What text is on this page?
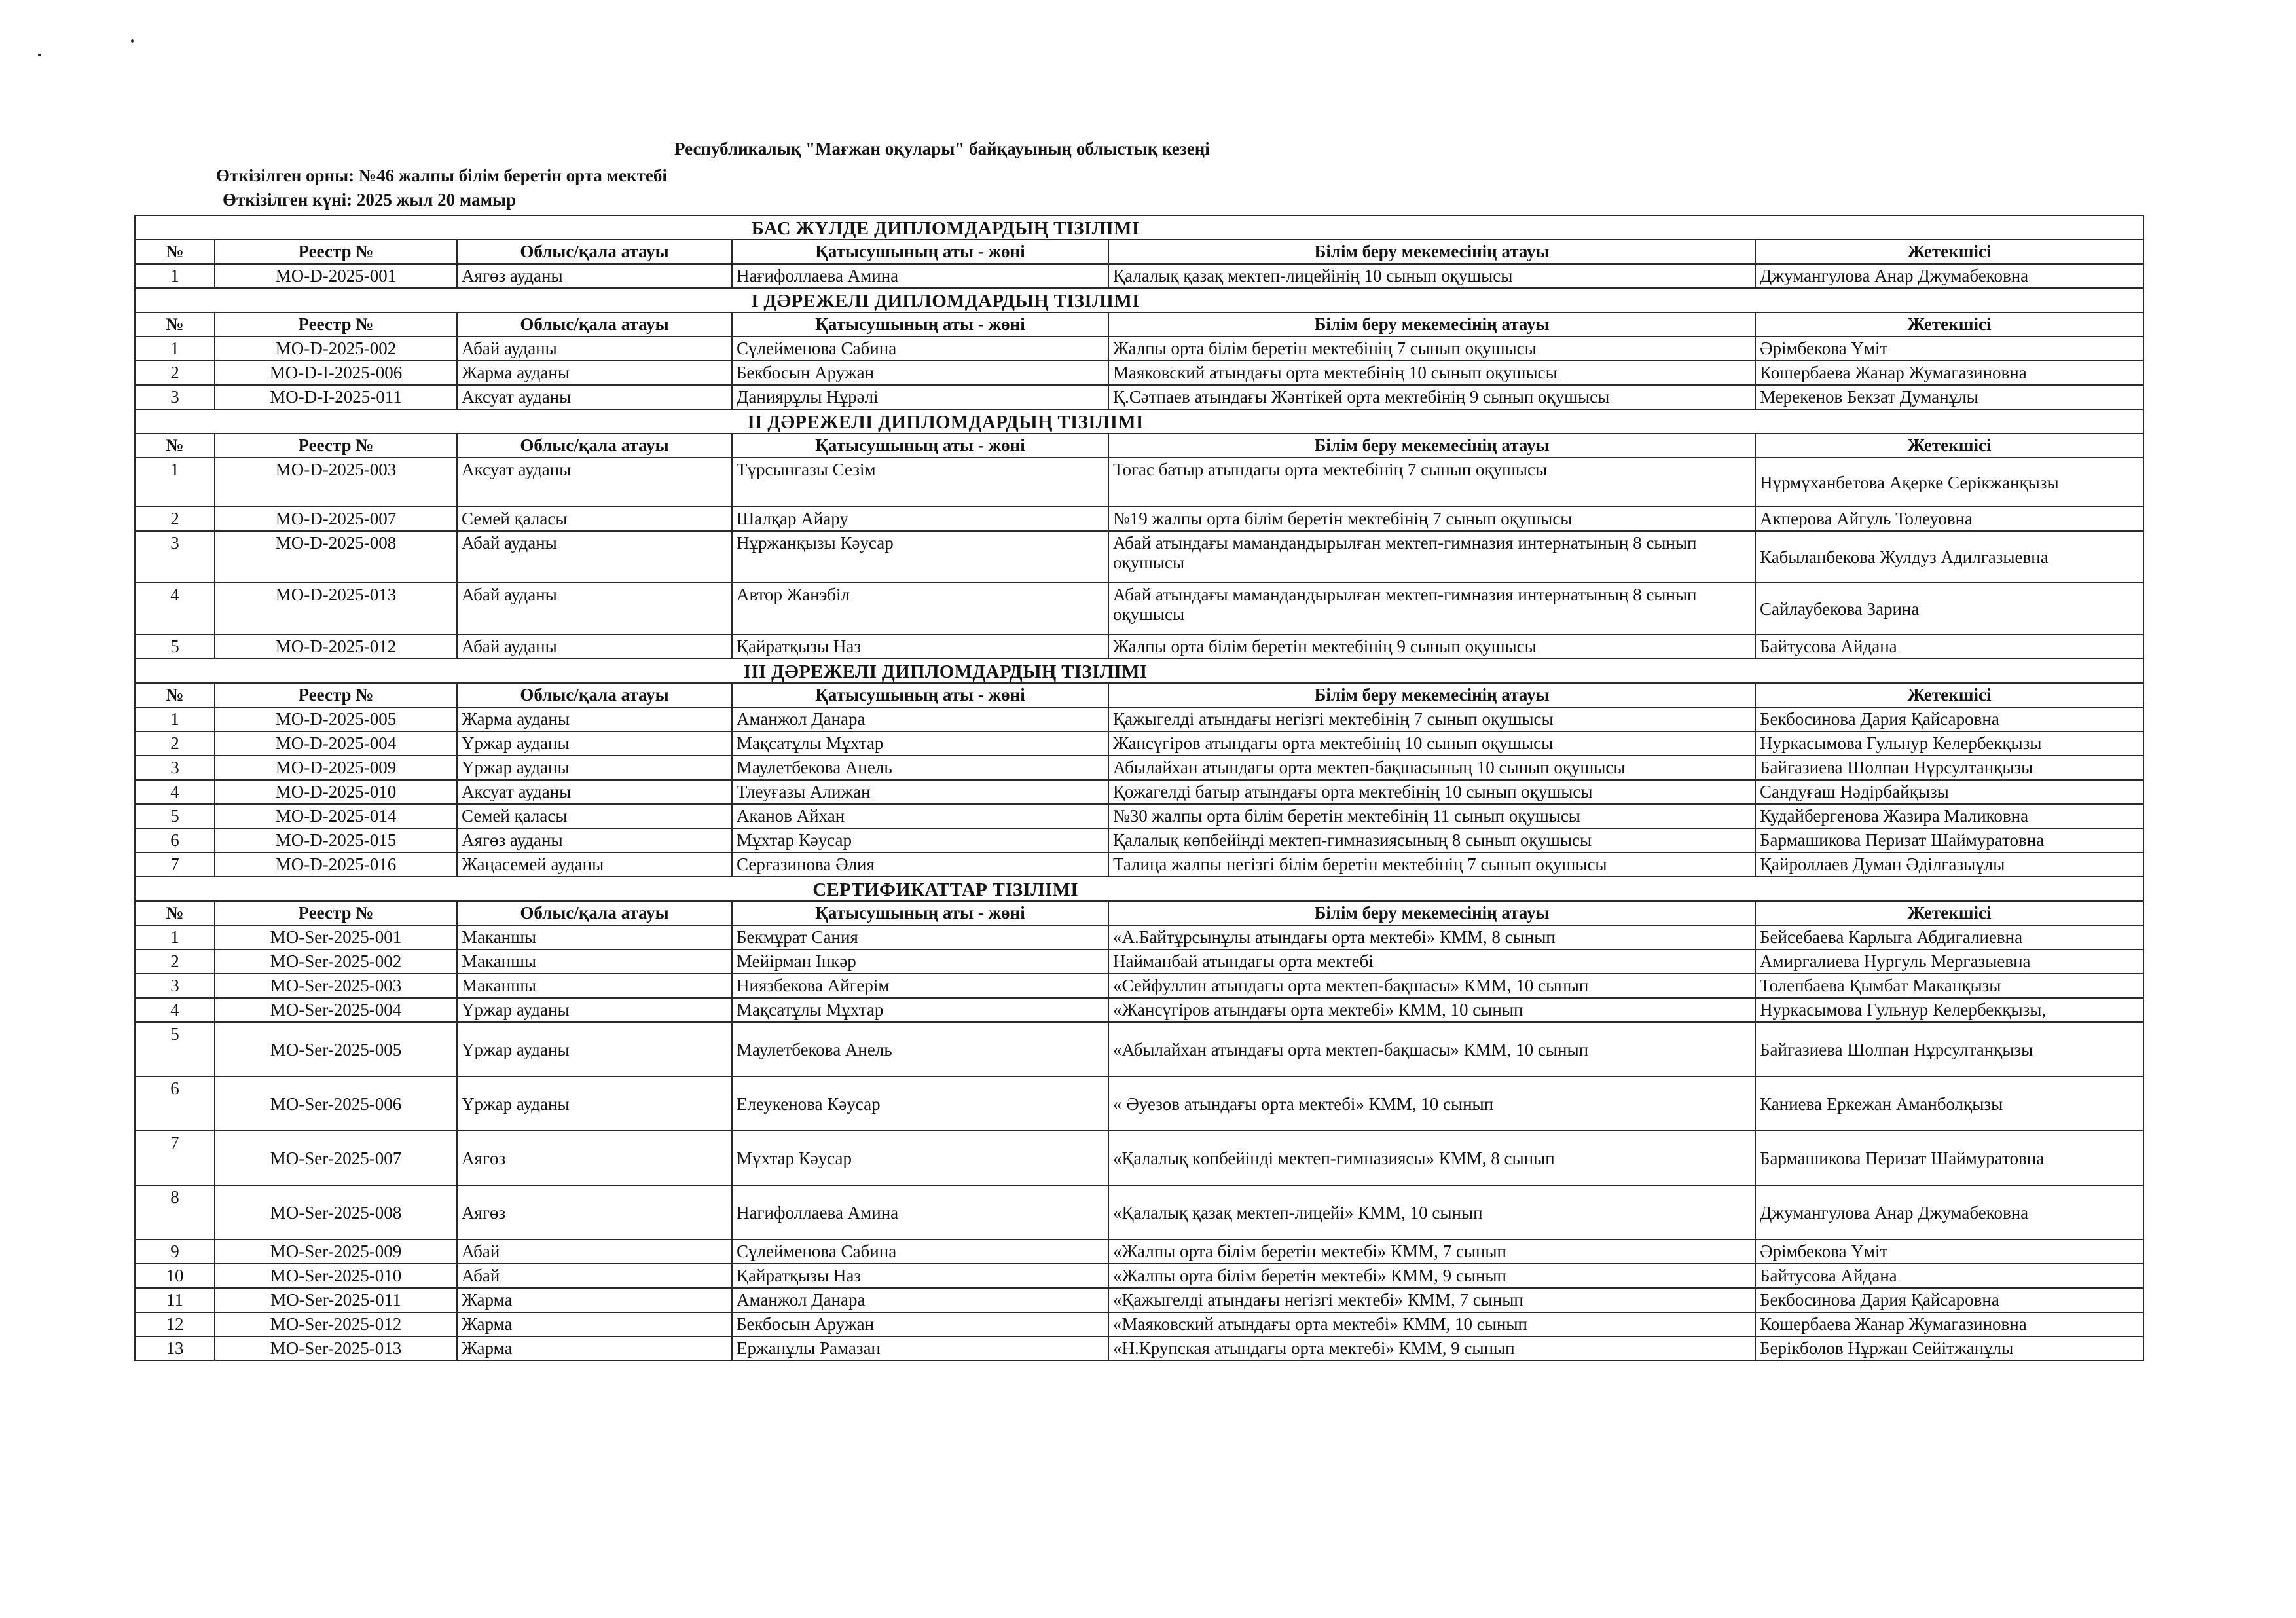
Республикалық "Мағжан оқулары" байқауының облыстық кезеңі
Өткізілген орны: №46 жалпы білім беретін орта мектебі
Өткізілген күні: 2025 жыл 20 мамыр
БАС ЖҮЛДЕ ДИПЛОМДАРДЫҢ ТІЗІЛІМІ					
№	Реестр №	Облыс/қала атауы	Қатысушының аты - жөні	Білім беру мекемесінің атауы	Жетекшісі
1	МО-D-2025-001	Аягөз ауданы	Нағифоллаева Амина	Қалалық қазақ мектеп-лицейінің 10 сынып оқушысы	Джумангулова Анар Джумабековна
І ДӘРЕЖЕЛІ ДИПЛОМДАРДЫҢ ТІЗІЛІМІ					
№	Реестр №	Облыс/қала атауы	Қатысушының аты - жөні	Білім беру мекемесінің атауы	Жетекшісі
1	МО-D-2025-002	Абай ауданы	Сүлейменова Сабина	Жалпы орта білім беретін мектебінің 7 сынып оқушысы	Әрімбекова Үміт
2	МО-D-I-2025-006	Жарма ауданы	Бекбосын Аружан	Маяковский атындағы орта мектебінің 10 сынып оқушысы	Кошербаева Жанар Жумагазиновна
3	МО-D-I-2025-011	Аксуат ауданы	Даниярұлы Нұрәлі	Қ.Сәтпаев атындағы Жәнтікей орта мектебінің 9 сынып оқушысы	Мерекенов Бекзат Думанұлы
ІІ ДӘРЕЖЕЛІ ДИПЛОМДАРДЫҢ ТІЗІЛІМІ					
№	Реестр №	Облыс/қала атауы	Қатысушының аты - жөні	Білім беру мекемесінің атауы	Жетекшісі
1	МО-D-2025-003	Аксуат ауданы	Тұрсынғазы Сезім	Тоғас батыр атындағы орта мектебінің 7 сынып оқушысы	Нұрмұханбетова Ақерке Серікжанқызы
2	МО-D-2025-007	Семей қаласы	Шалқар Айару	№19 жалпы орта білім беретін мектебінің 7 сынып оқушысы	Акперова Айгуль Толеуовна
3	МО-D-2025-008	Абай ауданы	Нұржанқызы Кәусар	Абай атындағы мамандандырылған мектеп-гимназия интернатының 8 сынып оқушысы	Кабыланбекова Жулдуз Адилгазыевна
4	МО-D-2025-013	Абай ауданы	Автор Жанэбіл	Абай атындағы мамандандырылған мектеп-гимназия интернатының 8 сынып оқушысы	Сайлаубекова Зарина
5	МО-D-2025-012	Абай ауданы	Қайратқызы Наз	Жалпы орта білім беретін мектебінің 9 сынып оқушысы	Байтусова Айдана
ІІІ ДӘРЕЖЕЛІ ДИПЛОМДАРДЫҢ ТІЗІЛІМІ					
№	Реестр №	Облыс/қала атауы	Қатысушының аты - жөні	Білім беру мекемесінің атауы	Жетекшісі
1	МО-D-2025-005	Жарма ауданы	Аманжол Данара	Қажыгелді атындағы негізгі мектебінің 7 сынып оқушысы	Бекбосинова Дария Қайсаровна
2	МО-D-2025-004	Үржар ауданы	Мақсатұлы Мұхтар	Жансүгіров атындағы орта мектебінің 10 сынып оқушысы	Нуркасымова Гульнур Келербекқызы
3	МО-D-2025-009	Үржар ауданы	Маулетбекова Анель	Абылайхан атындағы орта мектеп-бақшасының 10 сынып оқушысы	Байгазиева Шолпан Нұрсултанқызы
4	МО-D-2025-010	Аксуат ауданы	Тлеуғазы Алижан	Қожагелді батыр атындағы орта мектебінің 10 сынып оқушысы	Сандуғаш Нәдірбайқызы
5	МО-D-2025-014	Семей қаласы	Аканов Айхан	№30 жалпы орта білім беретін мектебінің 11 сынып оқушысы	Кудайбергенова Жазира Маликовна
6	МО-D-2025-015	Аягөз ауданы	Мұхтар Кәусар	Қалалық көпбейінді мектеп-гимназиясының 8 сынып оқушысы	Бармашикова Перизат Шаймуратовна
7	МО-D-2025-016	Жаңасемей ауданы	Серғазинова Әлия	Талица жалпы негізгі білім беретін мектебінің 7 сынып оқушысы	Қайроллаев Думан Әділғазыұлы
СЕРТИФИКАТТАР ТІЗІЛІМІ					
№	Реестр №	Облыс/қала атауы	Қатысушының аты - жөні	Білім беру мекемесінің атауы	Жетекшісі
1	МО-Ser-2025-001	Маканшы	Бекмұрат Сания	«А.Байтұрсынұлы атындағы орта мектебі» КММ, 8 сынып	Бейсебаева Карлыга Абдигалиевна
2	МО-Ser-2025-002	Маканшы	Мейірман Інкәр	Найманбай атындағы орта мектебі	Амиргалиева Нургуль Мергазыевна
3	МО-Ser-2025-003	Маканшы	Ниязбекова Айгерім	«Сейфуллин атындағы орта мектеп-бақшасы» КММ, 10 сынып	Толепбаева Қымбат Маканқызы
4	МО-Ser-2025-004	Үржар ауданы	Мақсатұлы Мұхтар	«Жансүгіров атындағы орта мектебі» КММ, 10 сынып	Нуркасымова Гульнур Келербекқызы,
5	МО-Ser-2025-005	Үржар ауданы	Маулетбекова Анель	«Абылайхан атындағы орта мектеп-бақшасы» КММ, 10 сынып	Байгазиева Шолпан Нұрсултанқызы
6	МО-Ser-2025-006	Үржар ауданы	Елеукенова Кәусар	« Әуезов атындағы орта мектебі» КММ, 10 сынып	Каниева Еркежан Аманболқызы
7	МО-Ser-2025-007	Аягөз	Мұхтар Кәусар	«Қалалық көпбейінді мектеп-гимназиясы» КММ, 8 сынып	Бармашикова Перизат Шаймуратовна
8	МО-Ser-2025-008	Аягөз	Нагифоллаева Амина	«Қалалық қазақ мектеп-лицейі» КММ, 10 сынып	Джумангулова Анар Джумабековна
9	МО-Ser-2025-009	Абай	Сүлейменова Сабина	«Жалпы орта білім беретін мектебі» КММ, 7 сынып	Әрімбекова Үміт
10	МО-Ser-2025-010	Абай	Қайратқызы Наз	«Жалпы орта білім беретін мектебі» КММ, 9 сынып	Байтусова Айдана
11	МО-Ser-2025-011	Жарма	Аманжол Данара	«Қажыгелді атындағы негізгі мектебі» КММ, 7 сынып	Бекбосинова Дария Қайсаровна
12	МО-Ser-2025-012	Жарма	Бекбосын Аружан	«Маяковский атындағы орта мектебі» КММ, 10 сынып	Кошербаева Жанар Жумагазиновна
13	МО-Ser-2025-013	Жарма	Ержанұлы Рамазан	«Н.Крупская атындағы орта мектебі» КММ, 9 сынып	Берікболов Нұржан Сейітжанұлы
